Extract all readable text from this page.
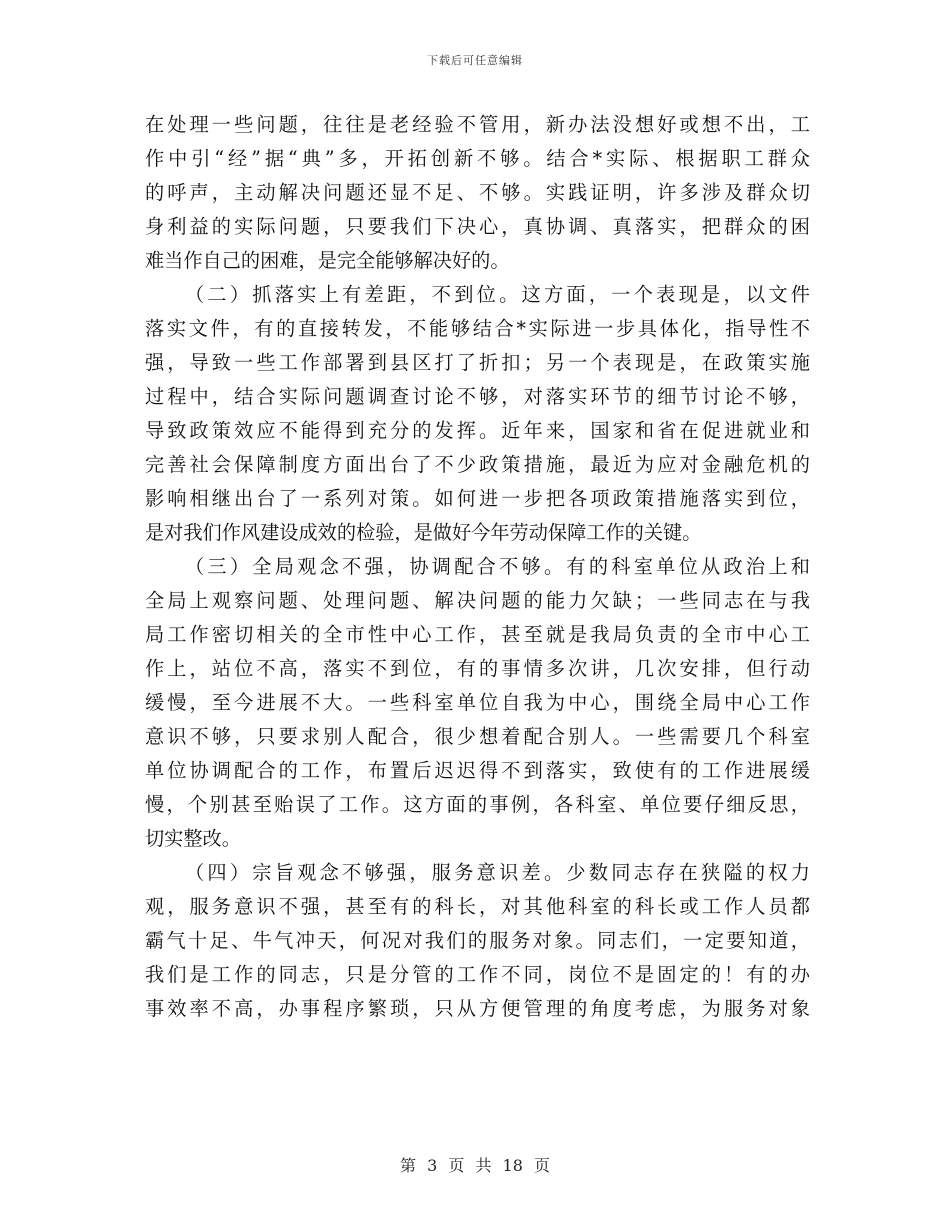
下载后可任意编辑
在处理一些问题，往往是老经验不管用，新办法没想好或想不出，工
作中引“经”据“典”多，开拓创新不够。结合*实际、根据职工群众
的呼声，主动解决问题还显不足、不够。实践证明，许多涉及群众切
身利益的实际问题，只要我们下决心，真协调、真落实，把群众的困
难当作自己的困难，是完全能够解决好的。
（二）抓落实上有差距，不到位。这方面，一个表现是，以文件
落实文件，有的直接转发，不能够结合*实际进一步具体化，指导性不
强，导致一些工作部署到县区打了折扣；另一个表现是，在政策实施
过程中，结合实际问题调查讨论不够，对落实环节的细节讨论不够，
导致政策效应不能得到充分的发挥。近年来，国家和省在促进就业和
完善社会保障制度方面出台了不少政策措施，最近为应对金融危机的
影响相继出台了一系列对策。如何进一步把各项政策措施落实到位，
是对我们作风建设成效的检验，是做好今年劳动保障工作的关键。
（三）全局观念不强，协调配合不够。有的科室单位从政治上和
全局上观察问题、处理问题、解决问题的能力欠缺；一些同志在与我
局工作密切相关的全市性中心工作，甚至就是我局负责的全市中心工
作上，站位不高，落实不到位，有的事情多次讲，几次安排，但行动
缓慢，至今进展不大。一些科室单位自我为中心，围绕全局中心工作
意识不够，只要求别人配合，很少想着配合别人。一些需要几个科室
单位协调配合的工作，布置后迟迟得不到落实，致使有的工作进展缓
慢，个别甚至贻误了工作。这方面的事例，各科室、单位要仔细反思，
切实整改。
（四）宗旨观念不够强，服务意识差。少数同志存在狭隘的权力
观，服务意识不强，甚至有的科长，对其他科室的科长或工作人员都
霸气十足、牛气冲天，何况对我们的服务对象。同志们，一定要知道，
我们是工作的同志，只是分管的工作不同，岗位不是固定的！有的办
事效率不高，办事程序繁琐，只从方便管理的角度考虑，为服务对象
第 3 页 共 18 页
